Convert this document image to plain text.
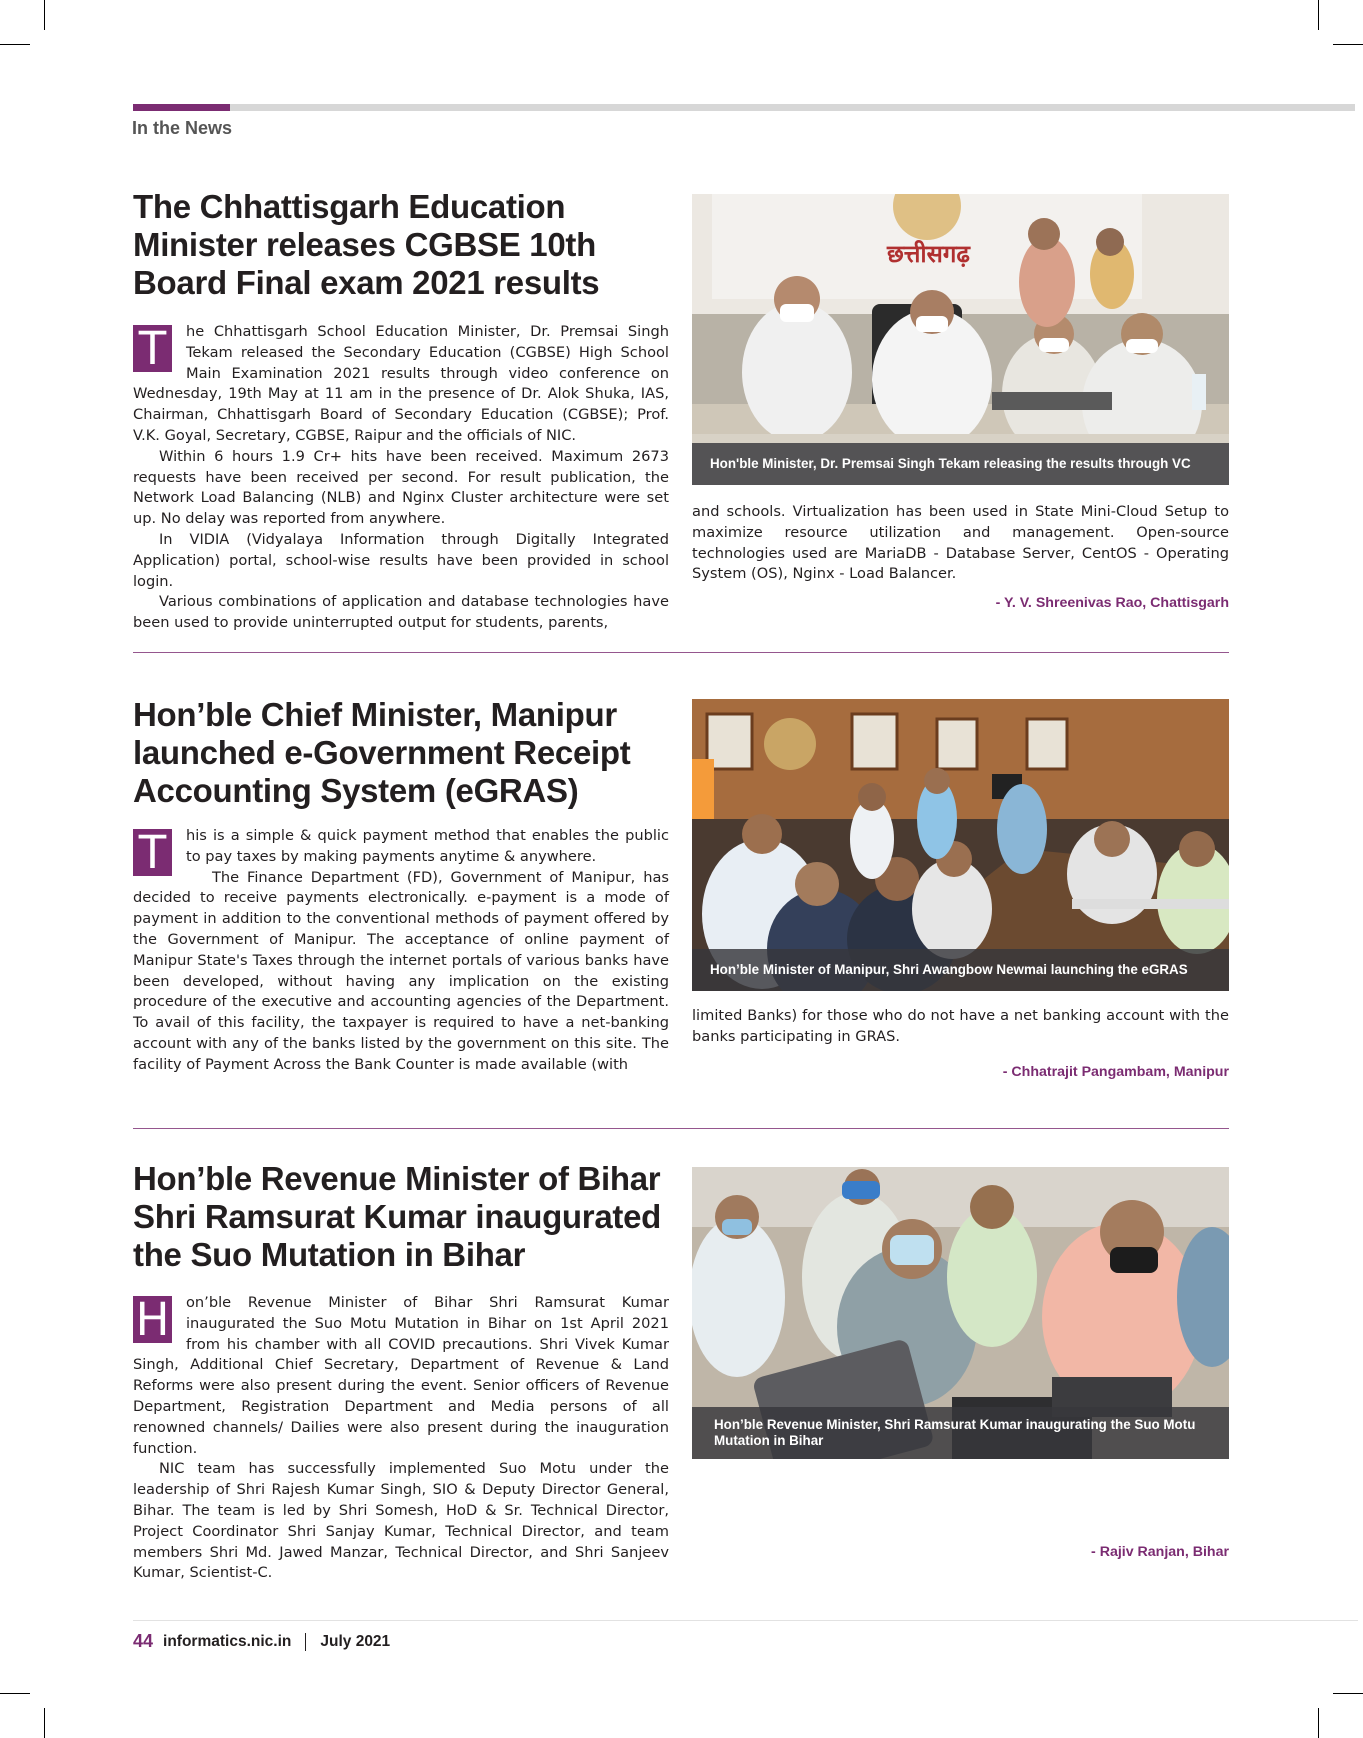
In the News
The Chhattisgarh Education Minister releases CGBSE 10th Board Final exam 2021 results

T	he Chhattisgarh School Education Minister, Dr. Premsai Singh Tekam released the Secondary Education (CGBSE) High School Main Examination 2021 results through video conference on Wednesday, 19th May at 11 am in the presence of Dr. Alok Shuka, IAS, Chairman, Chhattisgarh Board of Secondary Education (CGBSE); Prof. V.K. Goyal, Secretary, CGBSE, Raipur and the officials of NIC.

Within 6 hours 1.9 Cr+ hits have been received. Maximum 2673 requests have been received per second. For result publication, the Network Load Balancing (NLB) and Nginx Cluster architecture were set up. No delay was reported from anywhere.

In VIDIA (Vidyalaya Information through Digitally Integrated Application) portal, school-wise results have been provided in school login.

Various combinations of application and database technologies have been used to provide uninterrupted output for students, parents,

छत्तीसगढ़
Hon'ble Minister, Dr. Premsai Singh Tekam releasing the results through VC

and schools. Virtualization has been used in State Mini-Cloud Setup to maximize resource utilization and management. Open-source technologies used are MariaDB - Database Server, CentOS - Operating System (OS), Nginx - Load Balancer.

- Y. V. Shreenivas Rao, Chattisgarh
Hon’ble Chief Minister, Manipur launched e-Government Receipt Accounting System (eGRAS)

T	his is a simple & quick payment method that enables the public to pay taxes by making payments anytime & anywhere.

The Finance Department (FD), Government of Manipur, has decided to receive payments electronically. e-payment is a mode of payment in addition to the conventional methods of payment offered by the Government of Manipur. The acceptance of online payment of Manipur State's Taxes through the internet portals of various banks have been developed, without having any implication on the existing procedure of the executive and accounting agencies of the Department. To avail of this facility, the taxpayer is required to have a net-banking account with any of the banks listed by the government on this site. The facility of Payment Across the Bank Counter is made available (with

Hon’ble Minister of Manipur, Shri Awangbow Newmai launching the eGRAS

limited Banks) for those who do not have a net banking account with the banks participating in GRAS.

- Chhatrajit Pangambam, Manipur
Hon’ble Revenue Minister of Bihar Shri Ramsurat Kumar inaugurated the Suo Mutation in Bihar

H on’ble Revenue Minister of Bihar Shri Ramsurat Kumar inaugurated the Suo Motu Mutation in Bihar on 1st April 2021 from his chamber with all COVID precautions. Shri Vivek Kumar Singh, Additional Chief Secretary, Department of Revenue & Land Reforms were also present during the event. Senior officers of Revenue Department, Registration Department and Media persons of all renowned channels/ Dailies were also present during the inauguration function.

NIC team has successfully implemented Suo Motu under the leadership of Shri Rajesh Kumar Singh, SIO & Deputy Director General, Bihar. The team is led by Shri Somesh, HoD & Sr. Technical Director, Project Coordinator Shri Sanjay Kumar, Technical Director, and team members Shri Md. Jawed Manzar, Technical Director, and Shri Sanjeev Kumar, Scientist-C.

Hon’ble Revenue Minister, Shri Ramsurat Kumar inaugurating the Suo Motu Mutation in Bihar
- Rajiv Ranjan, Bihar
44 informatics.nic.in July 2021
